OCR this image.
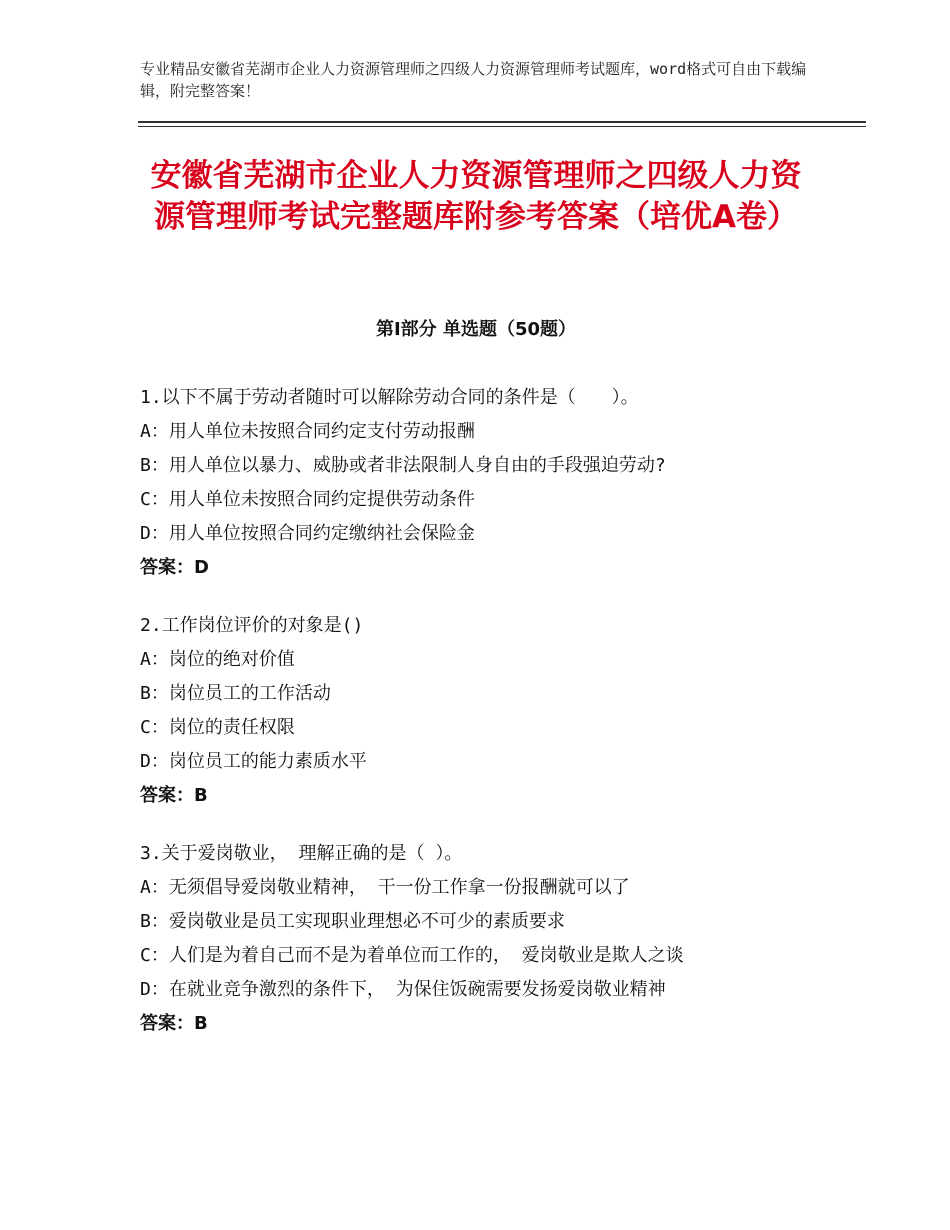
专业精品安徽省芜湖市企业人力资源管理师之四级人力资源管理师考试题库，word格式可自由下载编辑，附完整答案！
安徽省芜湖市企业人力资源管理师之四级人力资源管理师考试完整题库附参考答案（培优A卷）
第Ⅰ部分 单选题（50题）
1.以下不属于劳动者随时可以解除劳动合同的条件是（　　）。
A：用人单位未按照合同约定支付劳动报酬
B：用人单位以暴力、威胁或者非法限制人身自由的手段强迫劳动?
C：用人单位未按照合同约定提供劳动条件
D：用人单位按照合同约定缴纳社会保险金
答案：D
2.工作岗位评价的对象是()
A：岗位的绝对价值
B：岗位员工的工作活动
C：岗位的责任权限
D：岗位员工的能力素质水平
答案：B
3.关于爱岗敬业， 理解正确的是（ ）。
A：无须倡导爱岗敬业精神， 干一份工作拿一份报酬就可以了
B：爱岗敬业是员工实现职业理想必不可少的素质要求
C：人们是为着自己而不是为着单位而工作的， 爱岗敬业是欺人之谈
D：在就业竞争激烈的条件下， 为保住饭碗需要发扬爱岗敬业精神
答案：B
